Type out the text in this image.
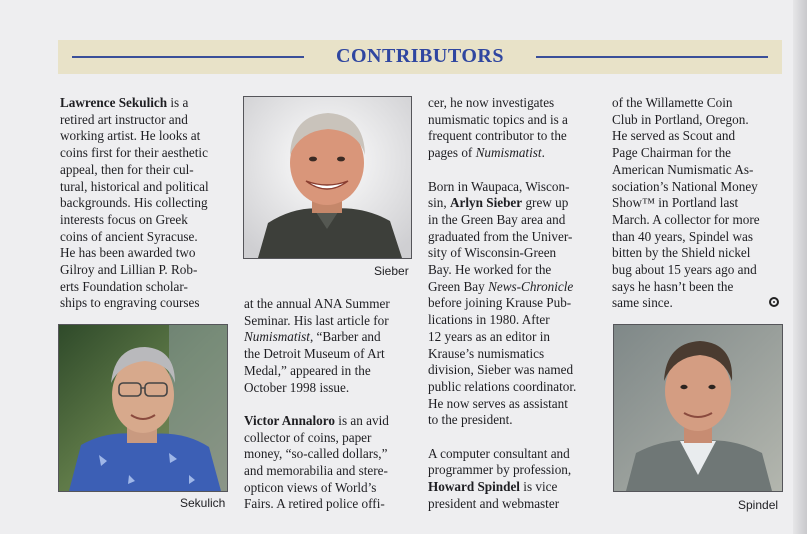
CONTRIBUTORS

Lawrence Sekulich is a
retired art instructor and
working artist. He looks at
coins first for their aesthetic
appeal, then for their cul-
tural, historical and political
backgrounds. His collecting
interests focus on Greek
coins of ancient Syracuse.
He has been awarded two
Gilroy and Lillian P. Rob-
erts Foundation scholar-
ships to engraving courses

Sekulich
Sieber

at the annual ANA Summer
Seminar. His last article for
Numismatist, “Barber and
the Detroit Museum of Art
Medal,” appeared in the
October 1998 issue.

Victor Annaloro is an avid
collector of coins, paper
money, “so-called dollars,”
and memorabilia and stere-
opticon views of World’s
Fairs. A retired police offi-

cer, he now investigates
numismatic topics and is a
frequent contributor to the
pages of Numismatist.

Born in Waupaca, Wiscon-
sin, Arlyn Sieber grew up
in the Green Bay area and
graduated from the Univer-
sity of Wisconsin-Green
Bay. He worked for the
Green Bay News-Chronicle
before joining Krause Pub-
lications in 1980. After
12 years as an editor in
Krause’s numismatics
division, Sieber was named
public relations coordinator.
He now serves as assistant
to the president.

A computer consultant and
programmer by profession,
Howard Spindel is vice
president and webmaster

of the Willamette Coin
Club in Portland, Oregon.
He served as Scout and
Page Chairman for the
American Numismatic As-
sociation’s National Money
Show™ in Portland last
March. A collector for more
than 40 years, Spindel was
bitten by the Shield nickel
bug about 15 years ago and
says he hasn’t been the
same since.

Spindel
